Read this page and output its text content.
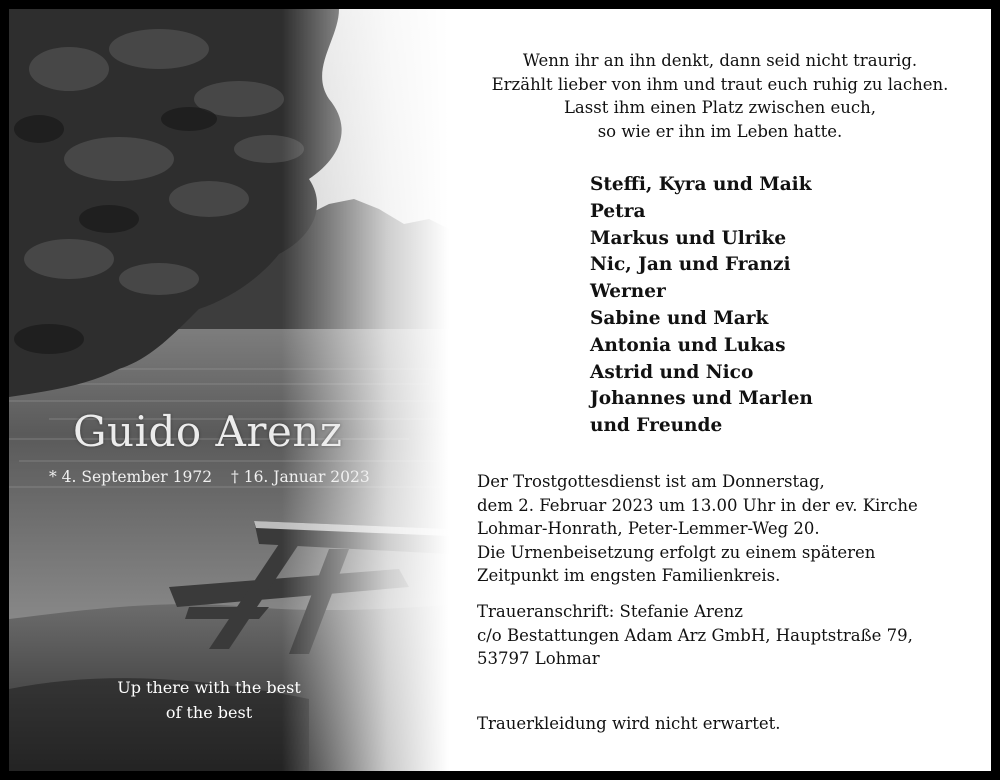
Guido Arenz
* 4. September 1972 † 16. Januar 2023
Up there with the best
of the best
Wenn ihr an ihn denkt, dann seid nicht traurig.
Erzählt lieber von ihm und traut euch ruhig zu lachen.
Lasst ihm einen Platz zwischen euch,
so wie er ihn im Leben hatte.
Steffi, Kyra und Maik
Petra
Markus und Ulrike
Nic, Jan und Franzi
Werner
Sabine und Mark
Antonia und Lukas
Astrid und Nico
Johannes und Marlen
und Freunde
Der Trostgottesdienst ist am Donnerstag,
dem 2. Februar 2023 um 13.00 Uhr in der ev. Kirche
Lohmar-Honrath, Peter-Lemmer-Weg 20.
Die Urnenbeisetzung erfolgt zu einem späteren
Zeitpunkt im engsten Familienkreis.
Traueranschrift: Stefanie Arenz
c/o Bestattungen Adam Arz GmbH, Hauptstraße 79,
53797 Lohmar
Trauerkleidung wird nicht erwartet.
